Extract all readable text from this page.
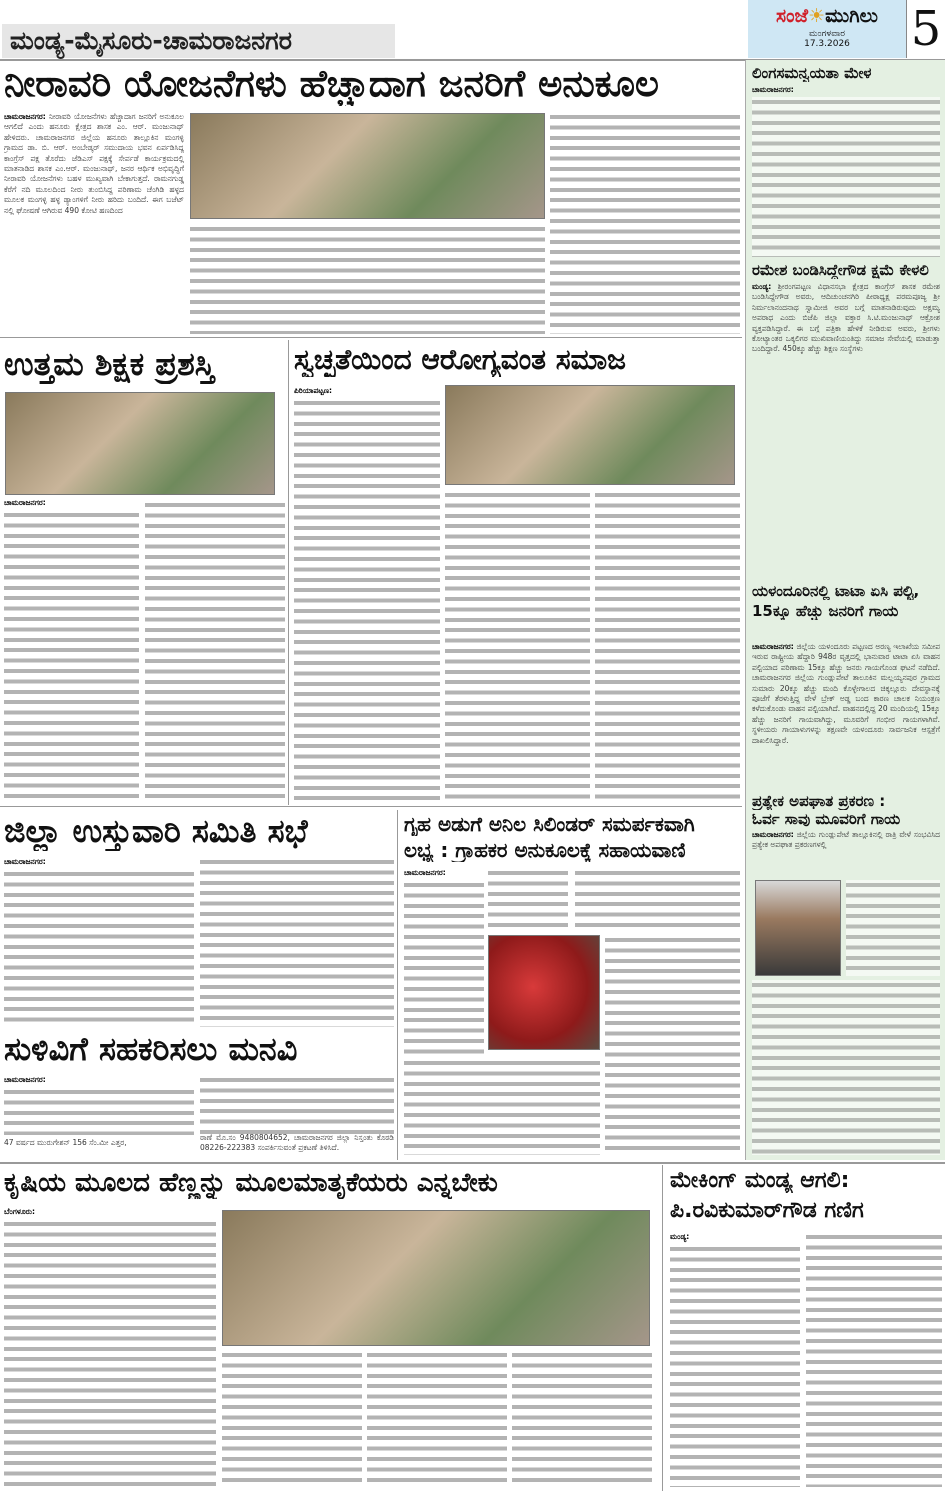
ಮಂಡ್ಯ-ಮೈಸೂರು-ಚಾಮರಾಜನಗರ
ಸಂಜೆ☀ಮುಗಿಲು
ಮಂಗಳವಾರ
17.3.2026	5
ನೀರಾವರಿ ಯೋಜನೆಗಳು ಹೆಚ್ಚಾದಾಗ ಜನರಿಗೆ ಅನುಕೂಲ
ಚಾಮರಾಜನಗರ: ನೀರಾವರಿ ಯೋಜನೆಗಳು ಹೆಚ್ಚಾದಾಗ ಜನರಿಗೆ ಅನುಕೂಲ ಆಗಲಿದೆ ಎಂದು ಹನೂರು ಕ್ಷೇತ್ರದ ಶಾಸಕ ಎಂ. ಆರ್. ಮಂಜುನಾಥ್ ಹೇಳಿದರು. ಚಾಮರಾಜನಗರ ಜಿಲ್ಲೆಯ ಹನೂರು ತಾಲ್ಲೂಕಿನ ಮಂಗಳ್ಳಿ ಗ್ರಾಮದ ಡಾ. ಬಿ. ಆರ್. ಅಂಬೇಡ್ಕರ್ ಸಮುದಾಯ ಭವನ ಏರ್ಪಡಿಸಿದ್ದ ಕಾಂಗ್ರೆಸ್ ಪಕ್ಷ ತೊರೆದು ಜೆಡಿಎಸ್ ಪಕ್ಷಕ್ಕೆ ಸೇರ್ಪಡೆ ಕಾರ್ಯಕ್ರಮದಲ್ಲಿ ಮಾತನಾಡಿದ ಶಾಸಕ ಎಂ.ಆರ್. ಮಂಜುನಾಥ್, ಜನರ ಆರ್ಥಿಕ ಅಭಿವೃದ್ಧಿಗೆ ನೀರಾವರಿ ಯೋಜನೆಗಳು ಬಹಳ ಮುಖ್ಯವಾಗಿ ಬೇಕಾಗುತ್ತದೆ. ರಾಮನಗುಡ್ಡ ಕೆರೆಗೆ ನದಿ ಮೂಲದಿಂದ ನೀರು ತುಂಬಿಸಿದ್ದ ಪರಿಣಾಮ ಚೆಂಗಿಡಿ ಹಳ್ಳದ ಮೂಲಕ ಮಂಗಳ್ಳಿ ಹಳ್ಳ ಡ್ಯಾಂಗಳಿಗೆ ನೀರು ಹರಿದು ಬಂದಿದೆ. ಈಗ ಬಜೆಟ್ ನಲ್ಲಿ ಘೋಷಣೆ ಆಗಿರುವ 490 ಕೋಟಿ ಹಣದಿಂದ
ಉತ್ತಮ ಶಿಕ್ಷಕ ಪ್ರಶಸ್ತಿ
ಚಾಮರಾಜನಗರ:
ಸ್ವಚ್ಛತೆಯಿಂದ ಆರೋಗ್ಯವಂತ ಸಮಾಜ
ಪಿರಿಯಾಪಟ್ಟಣ:
ಜಿಲ್ಲಾ ಉಸ್ತುವಾರಿ ಸಮಿತಿ ಸಭೆ
ಚಾಮರಾಜನಗರ:
ಸುಳಿವಿಗೆ ಸಹಕರಿಸಲು ಮನವಿ
ಚಾಮರಾಜನಗರ:
47 ವರ್ಷದ ಮುರುಗೇಶನ್ 156 ಸೆಂ.ಮೀ ಎತ್ತರ,
ಠಾಣೆ ಮೊ.ಸಂ 9480804652, ಚಾಮರಾಜನಗರ ಜಿಲ್ಲಾ ನಿಸ್ತಂತು ಕೊಠಡಿ 08226-222383 ಸಂಪರ್ಕಿಸುವಂತೆ ಪ್ರಕಟಣೆ ತಿಳಿಸಿದೆ.
ಗೃಹ ಅಡುಗೆ ಅನಿಲ ಸಿಲಿಂಡರ್ ಸಮರ್ಪಕವಾಗಿ
ಲಭ್ಯ : ಗ್ರಾಹಕರ ಅನುಕೂಲಕ್ಕೆ ಸಹಾಯವಾಣಿ
ಚಾಮರಾಜನಗರ:
ಲಿಂಗಸಮನ್ವಯತಾ ಮೇಳ
ಚಾಮರಾಜನಗರ:
ರಮೇಶ ಬಂಡಿಸಿದ್ದೇಗೌಡ ಕ್ಷಮೆ ಕೇಳಲಿ
ಮಂಡ್ಯ: ಶ್ರೀರಂಗಪಟ್ಟಣ ವಿಧಾನಸಭಾ ಕ್ಷೇತ್ರದ ಕಾಂಗ್ರೆಸ್ ಶಾಸಕ ರಮೇಶ ಬಂಡಿಸಿದ್ದೇಗೌಡ ಅವರು, ಆದಿಚುಂಚನಗಿರಿ ಪೀಠಾಧ್ಯಕ್ಷ ಪರಮಪೂಜ್ಯ ಶ್ರೀ ನಿರ್ಮಲಾನಂದನಾಥ ಸ್ವಾಮೀಜಿ ಅವರ ಬಗ್ಗೆ ಮಾತನಾಡಿರುವುದು ಅಕ್ಷಮ್ಯ ಅಪರಾಧ ಎಂದು ಬಿಜೆಪಿ ಜಿಲ್ಲಾ ವಕ್ತಾರ ಸಿ.ಟಿ.ಮಂಜುನಾಥ್ ಆಕ್ರೋಶ ವ್ಯಕ್ತಪಡಿಸಿದ್ದಾರೆ. ಈ ಬಗ್ಗೆ ಪತ್ರಿಕಾ ಹೇಳಿಕೆ ನೀಡಿರುವ ಅವರು, ಶ್ರೀಗಳು ಕೋಟ್ಯಾಂತರ ಒಕ್ಕಲಿಗರ ಮುಖಿವಾಣಿಯಂತಿದ್ದು ಸಮಾಜ ಸೇವೆಯಲ್ಲಿ ಮಾಡುತ್ತಾ ಬಂದಿದ್ದಾರೆ. 450ಕ್ಕೂ ಹೆಚ್ಚು ಶಿಕ್ಷಣ ಸಂಸ್ಥೆಗಳು
ಯಳಂದೂರಿನಲ್ಲಿ ಟಾಟಾ ಏಸಿ ಪಲ್ಟಿ,
15ಕ್ಕೂ ಹೆಚ್ಚು ಜನರಿಗೆ ಗಾಯ
ಚಾಮರಾಜನಗರ: ಜಿಲ್ಲೆಯ ಯಳಂದೂರು ಪಟ್ಟಣದ ಅರಣ್ಯ ಇಲಾಖೆಯ ಸಮೀಪ ಇರುವ ರಾಷ್ಟ್ರೀಯ ಹೆದ್ದಾರಿ 948ರ ವೃತ್ತದಲ್ಲಿ ಭಾನುವಾರ ಟಾಟಾ ಏಸಿ ವಾಹನ ಪಲ್ಟಿಯಾದ ಪರಿಣಾಮ 15ಕ್ಕೂ ಹೆಚ್ಚು ಜನರು ಗಾಯಗೊಂಡ ಘಟನೆ ನಡೆದಿದೆ. ಚಾಮರಾಜನಗರ ಜಿಲ್ಲೆಯ ಗುಂಡ್ಲುಪೇಟೆ ತಾಲೂಕಿನ ಮಲ್ಲಯ್ಯನಪುರ ಗ್ರಾಮದ ಸುಮಾರು 20ಕ್ಕೂ ಹೆಚ್ಚು ಮಂದಿ ಕೊಳ್ಳೇಗಾಲದ ಚಿಕ್ಕಲ್ಲೂರು ದೇವಸ್ಥಾನಕ್ಕೆ ಪೂಜೆಗೆ ತೆರಳುತ್ತಿದ್ದ ವೇಳೆ ಬ್ರೇಕ್ ಅಡ್ಡ ಬಂದ ಕಾರಣ ಚಾಲಕ ನಿಯಂತ್ರಣ ಕಳೆದುಕೊಂಡು ವಾಹನ ಪಲ್ಟಿಯಾಗಿದೆ. ವಾಹನದಲ್ಲಿದ್ದ 20 ಮಂದಿಯಲ್ಲಿ 15ಕ್ಕೂ ಹೆಚ್ಚು ಜನರಿಗೆ ಗಾಯವಾಗಿದ್ದು, ಮೂವರಿಗೆ ಗಂಭೀರ ಗಾಯಗಳಾಗಿವೆ. ಸ್ಥಳೀಯರು ಗಾಯಾಳುಗಳನ್ನು ತಕ್ಷಣವೇ ಯಳಂದೂರು ಸಾರ್ವಜನಿಕ ಆಸ್ಪತ್ರೆಗೆ ದಾಖಲಿಸಿದ್ದಾರೆ.
ಪ್ರತ್ಯೇಕ ಅಪಘಾತ ಪ್ರಕರಣ :
ಓರ್ವ ಸಾವು ಮೂವರಿಗೆ ಗಾಯ
ಚಾಮರಾಜನಗರ: ಜಿಲ್ಲೆಯ ಗುಂಡ್ಲುಪೇಟೆ ತಾಲ್ಲೂಕಿನಲ್ಲಿ ರಾತ್ರಿ ವೇಳೆ ಸಂಭವಿಸಿದ ಪ್ರತ್ಯೇಕ ಅಪಘಾತ ಪ್ರಕರಣಗಳಲ್ಲಿ
ಕೃಷಿಯ ಮೂಲದ ಹೆಣ್ಣನ್ನು ಮೂಲಮಾತೃಕೆಯರು ಎನ್ನಬೇಕು
ಬೆಂಗಳೂರು:
ಮೇಕಿಂಗ್ ಮಂಡ್ಯ ಆಗಲಿ:
ಪಿ.ರವಿಕುಮಾರ್‌ಗೌಡ ಗಣಿಗ
ಮಂಡ್ಯ:
